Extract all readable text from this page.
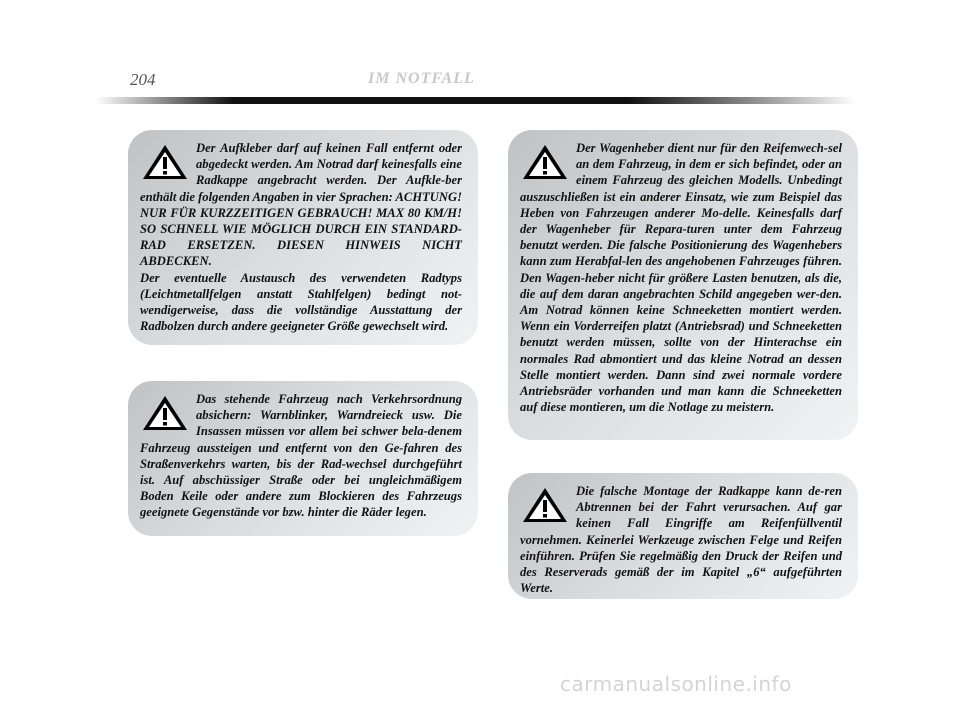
204	IM NOTFALL

Der Aufkleber darf auf keinen Fall entfernt oder abgedeckt werden. Am Notrad darf keinesfalls eine Radkappe angebracht werden. Der Aufkle-ber enthält die folgenden Angaben in vier Sprachen: ACHTUNG! NUR FÜR KURZZEITIGEN GEBRAUCH! MAX 80 KM/H! SO SCHNELL WIE MÖGLICH DURCH EIN STANDARD-RAD ERSETZEN. DIESEN HINWEIS NICHT ABDECKEN.

Der eventuelle Austausch des verwendeten Radtyps (Leichtmetallfelgen anstatt Stahlfelgen) bedingt not-wendigerweise, dass die vollständige Ausstattung der Radbolzen durch andere geeigneter Größe gewechselt wird.

Das stehende Fahrzeug nach Verkehrsordnung absichern: Warnblinker, Warndreieck usw. Die Insassen müssen vor allem bei schwer bela-denem Fahrzeug aussteigen und entfernt von den Ge-fahren des Straßenverkehrs warten, bis der Rad-wechsel durchgeführt ist. Auf abschüssiger Straße oder bei ungleichmäßigem Boden Keile oder andere zum Blockieren des Fahrzeugs geeignete Gegenstände vor bzw. hinter die Räder legen.

Der Wagenheber dient nur für den Reifenwech-sel an dem Fahrzeug, in dem er sich befindet, oder an einem Fahrzeug des gleichen Modells. Unbedingt auszuschließen ist ein anderer Einsatz, wie zum Beispiel das Heben von Fahrzeugen anderer Mo-delle. Keinesfalls darf der Wagenheber für Repara-turen unter dem Fahrzeug benutzt werden. Die falsche Positionierung des Wagenhebers kann zum Herabfal-len des angehobenen Fahrzeuges führen. Den Wagen-heber nicht für größere Lasten benutzen, als die, die auf dem daran angebrachten Schild angegeben wer-den. Am Notrad können keine Schneeketten montiert werden. Wenn ein Vorderreifen platzt (Antriebsrad) und Schneeketten benutzt werden müssen, sollte von der Hinterachse ein normales Rad abmontiert und das kleine Notrad an dessen Stelle montiert werden. Dann sind zwei normale vordere Antriebsräder vorhanden und man kann die Schneeketten auf diese montieren, um die Notlage zu meistern.

Die falsche Montage der Radkappe kann de-ren Abtrennen bei der Fahrt verursachen. Auf gar keinen Fall Eingriffe am Reifenfüllventil vornehmen. Keinerlei Werkzeuge zwischen Felge und Reifen einführen. Prüfen Sie regelmäßig den Druck der Reifen und des Reserverads gemäß der im Kapitel „6“ aufgeführten Werte.

carmanualsonline.info
